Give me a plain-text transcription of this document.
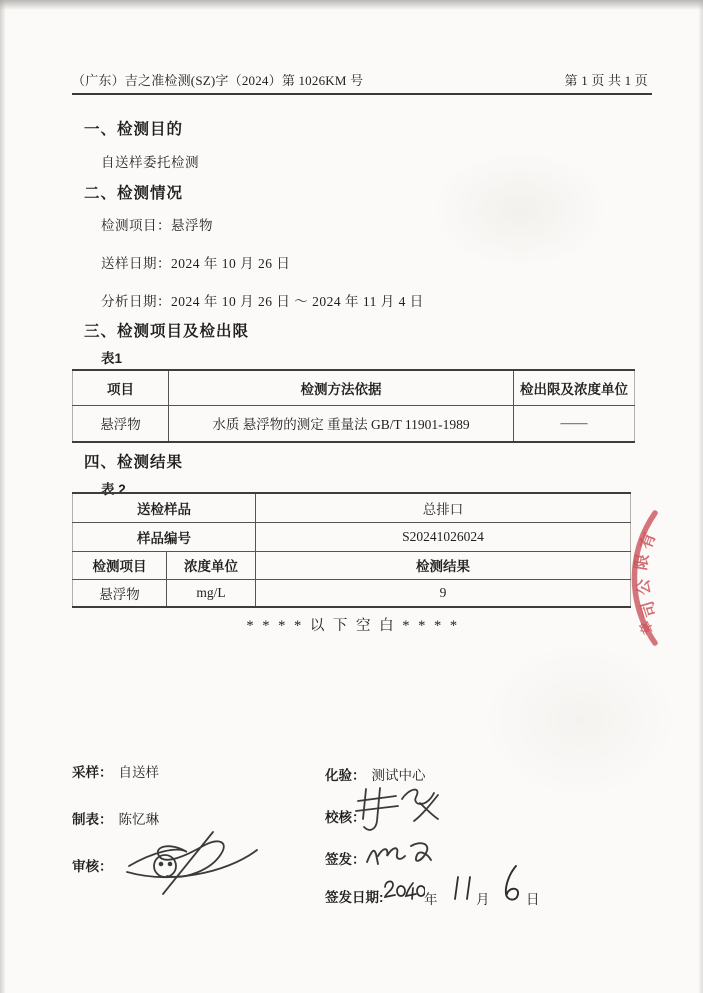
（广东）吉之准检测(SZ)字（2024）第 1026KM 号	第 1 页 共 1 页
一、检测目的
自送样委托检测
二、检测情况
检测项目：悬浮物
送样日期：2024 年 10 月 26 日
分析日期：2024 年 10 月 26 日 ～ 2024 年 11 月 4 日
三、检测项目及检出限
表1
项目	检测方法依据	检出限及浓度单位
悬浮物	水质 悬浮物的测定 重量法 GB/T 11901-1989	——
四、检测结果
表 2
送检样品		总排口
样品编号		S20241026024
检测项目	浓度单位	检测结果
悬浮物	mg/L	9
* * * * 以 下 空 白 * * * *
采样： 自送样
制表： 陈忆琳
审核：
化验： 测试中心
校核：
签发：
签发日期:	年	月	日
有
限
公
司
章
